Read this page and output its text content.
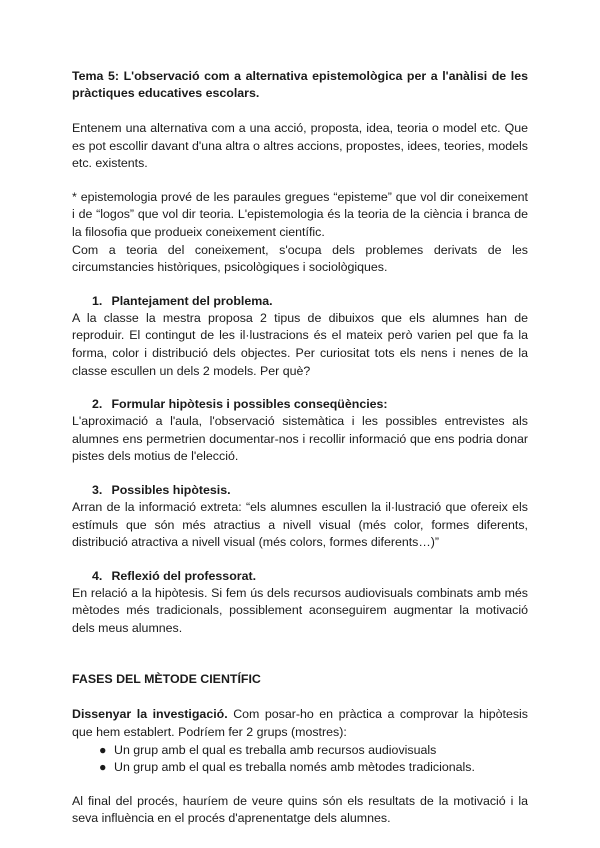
Tema 5: L'observació com a alternativa epistemològica per a l'anàlisi de les pràctiques educatives escolars.

Entenem una alternativa com a una acció, proposta, idea, teoria o model etc. Que es pot escollir davant d'una altra o altres accions, propostes, idees, teories, models etc. existents.

* epistemologia prové de les paraules gregues “episteme” que vol dir coneixement i de “logos” que vol dir teoria. L'epistemologia és la teoria de la ciència i branca de la filosofia que produeix coneixement científic.

Com a teoria del coneixement, s'ocupa dels problemes derivats de les circumstancies històriques, psicològiques i sociològiques.

1. Plantejament del problema.

A la classe la mestra proposa 2 tipus de dibuixos que els alumnes han de reproduir. El contingut de les il·lustracions és el mateix però varien pel que fa la forma, color i distribució dels objectes. Per curiositat tots els nens i nenes de la classe escullen un dels 2 models. Per què?

2. Formular hipòtesis i possibles conseqüències:

L'aproximació a l'aula, l'observació sistemàtica i les possibles entrevistes als alumnes ens permetrien documentar-nos i recollir informació que ens podria donar pistes dels motius de l'elecció.

3. Possibles hipòtesis.

Arran de la informació extreta: “els alumnes escullen la il·lustració que ofereix els estímuls que són més atractius a nivell visual (més color, formes diferents, distribució atractiva a nivell visual (més colors, formes diferents…)”

4. Reflexió del professorat.

En relació a la hipòtesis. Si fem ús dels recursos audiovisuals combinats amb més mètodes més tradicionals, possiblement aconseguirem augmentar la motivació dels meus alumnes.

FASES DEL MÈTODE CIENTÍFIC

Dissenyar la investigació. Com posar-ho en pràctica a comprovar la hipòtesis que hem establert. Podríem fer 2 grups (mostres):

● Un grup amb el qual es treballa amb recursos audiovisuals
● Un grup amb el qual es treballa només amb mètodes tradicionals.

Al final del procés, hauríem de veure quins són els resultats de la motivació i la seva influència en el procés d'aprenentatge dels alumnes.
